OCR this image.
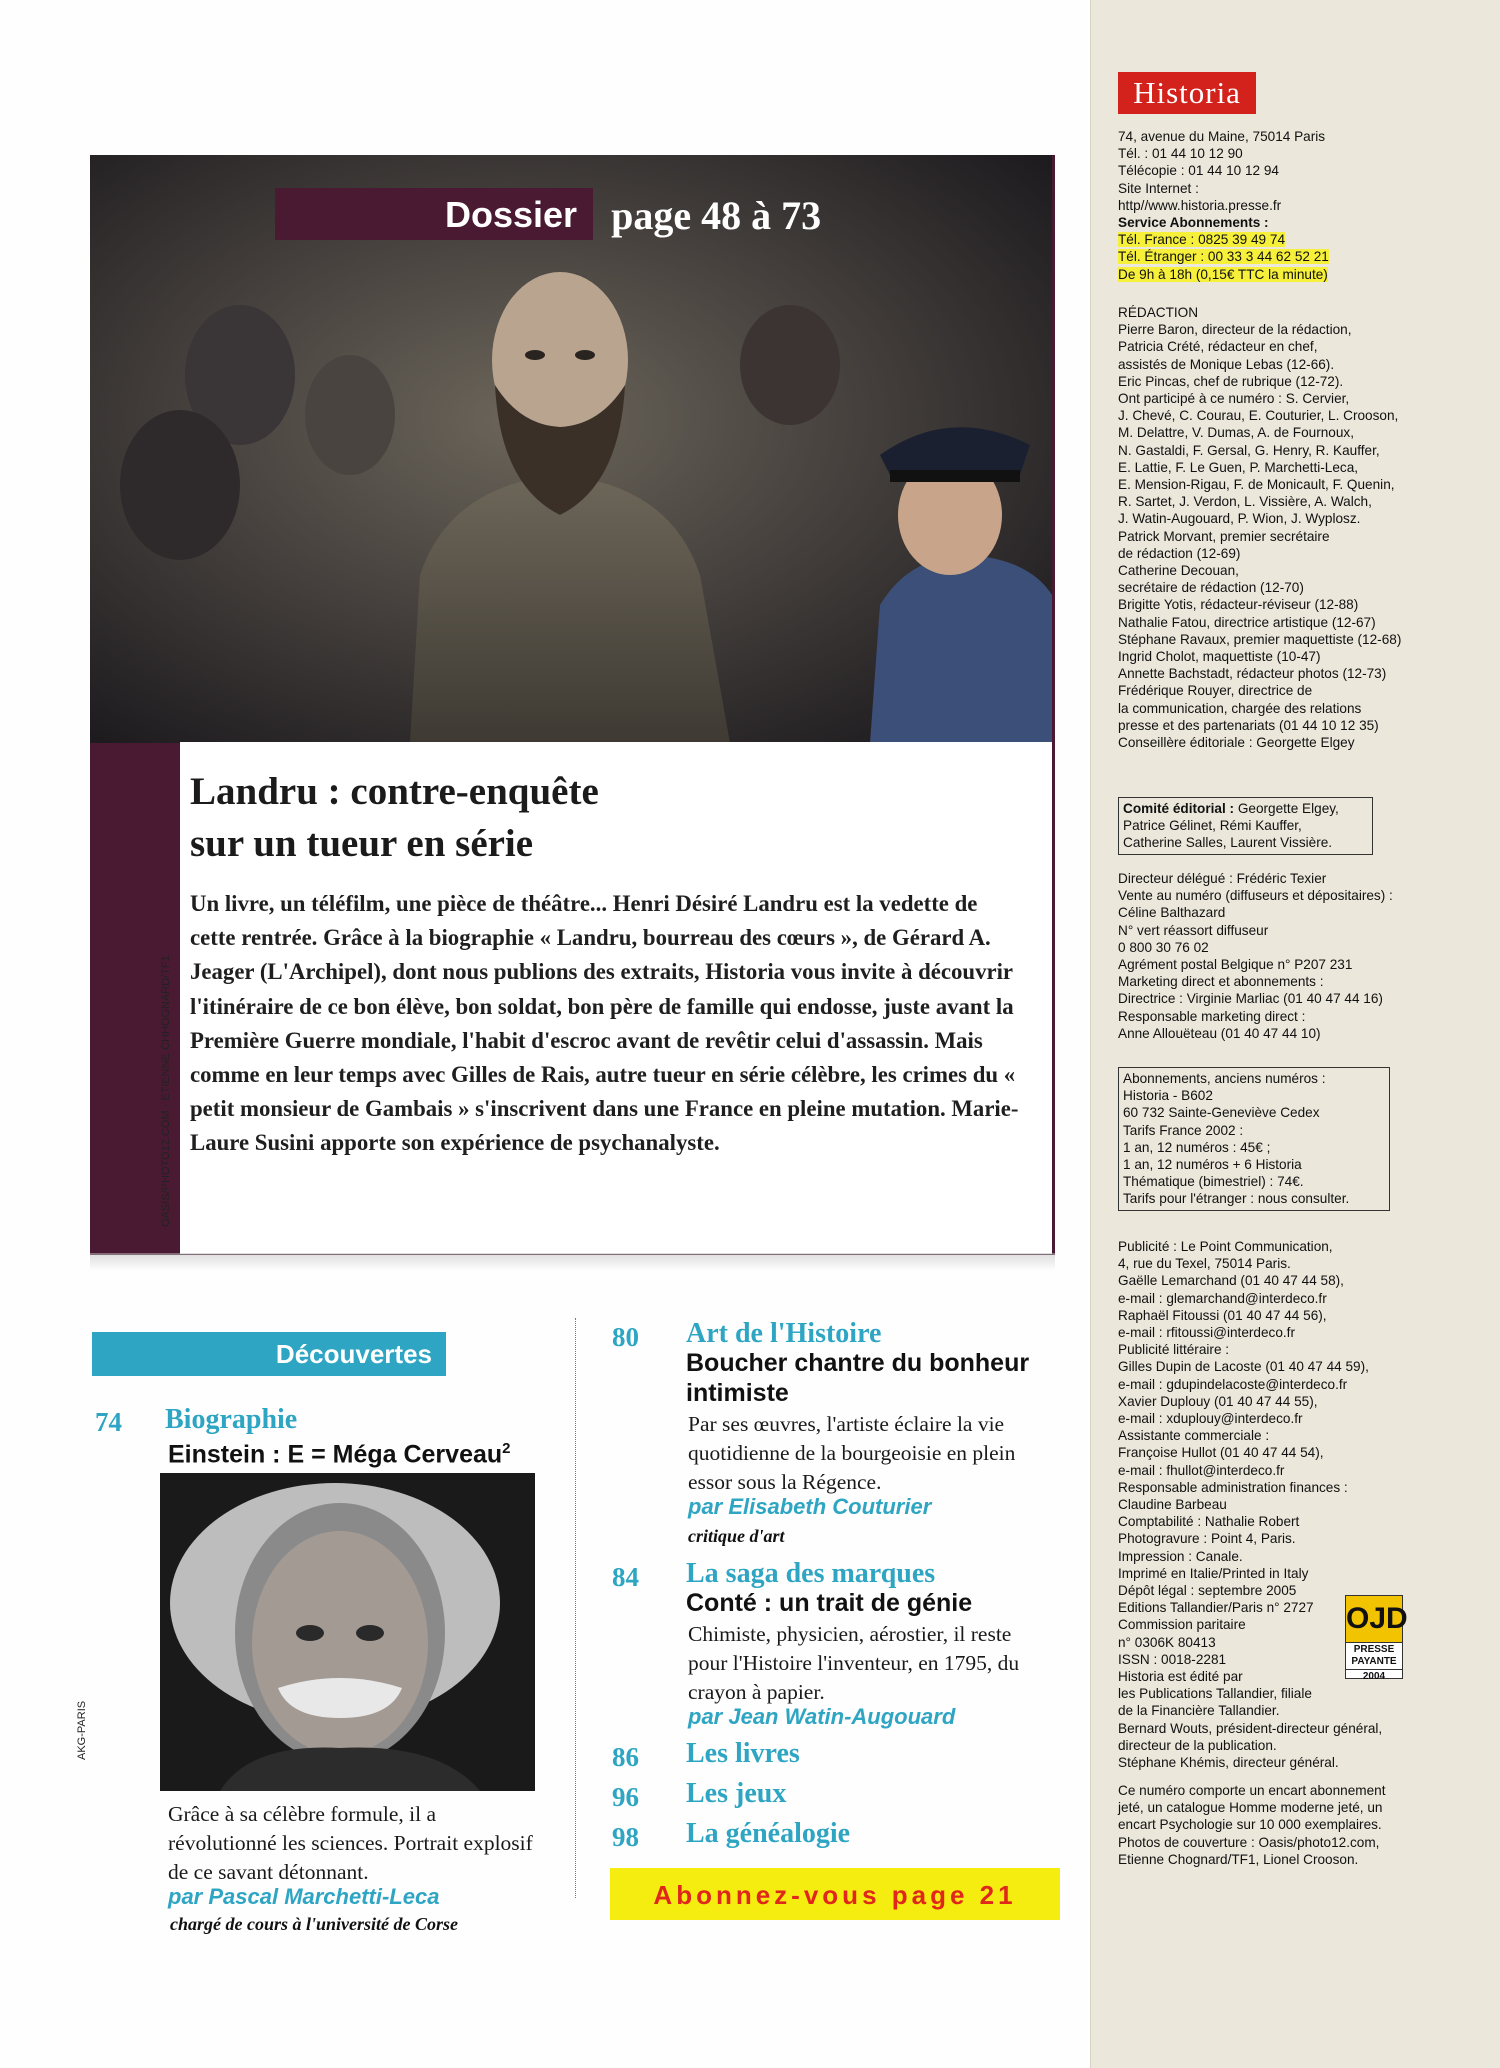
Dossier page 48 à 73
Landru : contre-enquête
sur un tueur en série

Un livre, un téléfilm, une pièce de théâtre... Henri Désiré Landru est la vedette de cette rentrée. Grâce à la biographie « Landru, bourreau des cœurs », de Gérard A. Jeager (L'Archipel), dont nous publions des extraits, Historia vous invite à découvrir l'itinéraire de ce bon élève, bon soldat, bon père de famille qui endosse, juste avant la Première Guerre mondiale, l'habit d'escroc avant de revêtir celui d'assassin. Mais comme en leur temps avec Gilles de Rais, autre tueur en série célèbre, les crimes du « petit monsieur de Gambais » s'inscrivent dans une France en pleine mutation. Marie-Laure Susini apporte son expérience de psychanalyste.

OASIS/PHOTO12.COM - ETIENNE CHHOGNARD/TF1
Découvertes
74 Biographie
Einstein : E = Méga Cerveau$^2$
AKG-PARIS
Grâce à sa célèbre formule, il a révolutionné les sciences. Portrait explosif de ce savant détonnant.
par Pascal Marchetti-Leca
chargé de cours à l'université de Corse
80 Art de l'Histoire
Boucher chantre du bonheur intimiste
Par ses œuvres, l'artiste éclaire la vie quotidienne de la bourgeoisie en plein essor sous la Régence.
par Elisabeth Couturier
critique d'art
84 La saga des marques
Conté : un trait de génie
Chimiste, physicien, aérostier, il reste pour l'Histoire l'inventeur, en 1795, du crayon à papier.
par Jean Watin-Augouard
86 Les livres
96 Les jeux
98 La généalogie
Abonnez-vous page 21
Historia
74, avenue du Maine, 75014 Paris
Tél. : 01 44 10 12 90
Télécopie : 01 44 10 12 94
Site Internet :
http//www.historia.presse.fr
Service Abonnements :
Tél. France : 0825 39 49 74
Tél. Étranger : 00 33 3 44 62 52 21
De 9h à 18h (0,15€ TTC la minute)
RÉDACTION
Pierre Baron, directeur de la rédaction,
Patricia Crété, rédacteur en chef,
assistés de Monique Lebas (12-66).
Eric Pincas, chef de rubrique (12-72).
Ont participé à ce numéro : S. Cervier,
J. Chevé, C. Courau, E. Couturier, L. Crooson,
M. Delattre, V. Dumas, A. de Fournoux,
N. Gastaldi, F. Gersal, G. Henry, R. Kauffer,
E. Lattie, F. Le Guen, P. Marchetti-Leca,
E. Mension-Rigau, F. de Monicault, F. Quenin,
R. Sartet, J. Verdon, L. Vissière, A. Walch,
J. Watin-Augouard, P. Wion, J. Wyplosz.
Patrick Morvant, premier secrétaire
de rédaction (12-69)
Catherine Decouan,
secrétaire de rédaction (12-70)
Brigitte Yotis, rédacteur-réviseur (12-88)
Nathalie Fatou, directrice artistique (12-67)
Stéphane Ravaux, premier maquettiste (12-68)
Ingrid Cholot, maquettiste (10-47)
Annette Bachstadt, rédacteur photos (12-73)
Frédérique Rouyer, directrice de
la communication, chargée des relations
presse et des partenariats (01 44 10 12 35)
Conseillère éditoriale : Georgette Elgey
Comité éditorial : Georgette Elgey,
Patrice Gélinet, Rémi Kauffer,
Catherine Salles, Laurent Vissière.
Directeur délégué : Frédéric Texier
Vente au numéro (diffuseurs et dépositaires) :
Céline Balthazard
N° vert réassort diffuseur
0 800 30 76 02
Agrément postal Belgique n° P207 231
Marketing direct et abonnements :
Directrice : Virginie Marliac (01 40 47 44 16)
Responsable marketing direct :
Anne Allouëteau (01 40 47 44 10)
Abonnements, anciens numéros :
Historia - B602
60 732 Sainte-Geneviève Cedex
Tarifs France 2002 :
1 an, 12 numéros : 45€ ;
1 an, 12 numéros + 6 Historia
Thématique (bimestriel) : 74€.
Tarifs pour l'étranger : nous consulter.
Publicité : Le Point Communication,
4, rue du Texel, 75014 Paris.
Gaëlle Lemarchand (01 40 47 44 58),
e-mail : glemarchand@interdeco.fr
Raphaël Fitoussi (01 40 47 44 56),
e-mail : rfitoussi@interdeco.fr
Publicité littéraire :
Gilles Dupin de Lacoste (01 40 47 44 59),
e-mail : gdupindelacoste@interdeco.fr
Xavier Duplouy (01 40 47 44 55),
e-mail : xduplouy@interdeco.fr
Assistante commerciale :
Françoise Hullot (01 40 47 44 54),
e-mail : fhullot@interdeco.fr
Responsable administration finances :
Claudine Barbeau
Comptabilité : Nathalie Robert
Photogravure : Point 4, Paris.
Impression : Canale.
Imprimé en Italie/Printed in Italy
Dépôt légal : septembre 2005
Editions Tallandier/Paris n° 2727
Commission paritaire
n° 0306K 80413
ISSN : 0018-2281
Historia est édité par
les Publications Tallandier, filiale
de la Financière Tallandier.
Bernard Wouts, président-directeur général,
directeur de la publication.
Stéphane Khémis, directeur général.
Ce numéro comporte un encart abonnement
jeté, un catalogue Homme moderne jeté, un
encart Psychologie sur 10 000 exemplaires.
Photos de couverture : Oasis/photo12.com,
Etienne Chognard/TF1, Lionel Crooson.
OJD
PRESSE
PAYANTE
2004
